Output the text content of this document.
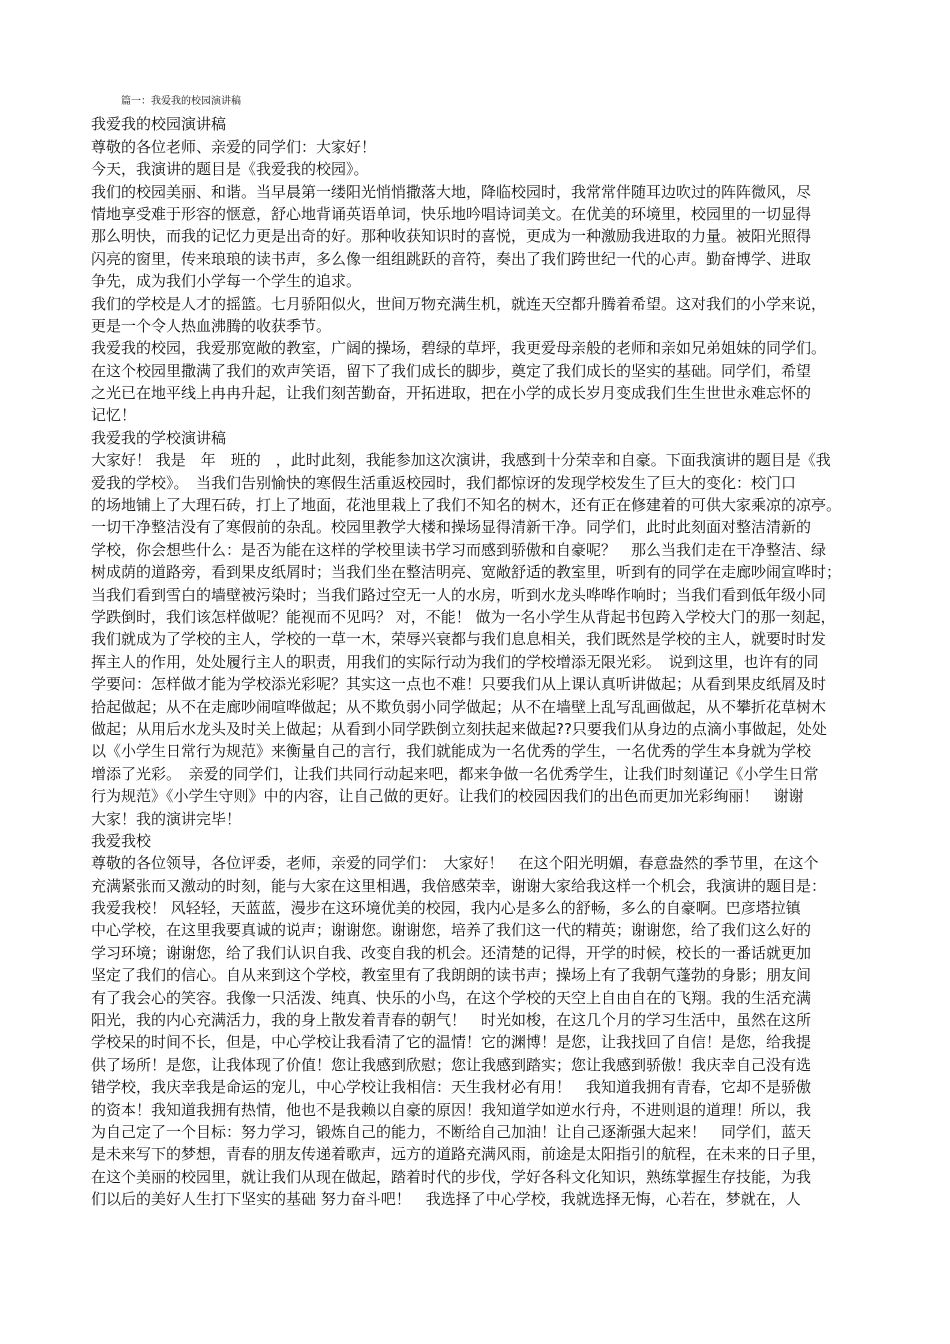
篇一：我爱我的校园演讲稿
我爱我的校园演讲稿
尊敬的各位老师、亲爱的同学们：大家好！
今天，我演讲的题目是《我爱我的校园》。
我们的校园美丽、和谐。当早晨第一缕阳光悄悄撒落大地，降临校园时，我常常伴随耳边吹过的阵阵微风，尽
情地享受难于形容的惬意，舒心地背诵英语单词，快乐地吟唱诗词美文。在优美的环境里，校园里的一切显得
那么明快，而我的记忆力更是出奇的好。那种收获知识时的喜悦，更成为一种激励我进取的力量。被阳光照得
闪亮的窗里，传来琅琅的读书声，多么像一组组跳跃的音符，奏出了我们跨世纪一代的心声。勤奋博学、进取
争先，成为我们小学每一个学生的追求。
我们的学校是人才的摇篮。七月骄阳似火，世间万物充满生机，就连天空都升腾着希望。这对我们的小学来说，
更是一个令人热血沸腾的收获季节。
我爱我的校园，我爱那宽敞的教室，广阔的操场，碧绿的草坪，我更爱母亲般的老师和亲如兄弟姐妹的同学们。
在这个校园里撒满了我们的欢声笑语，留下了我们成长的脚步，奠定了我们成长的坚实的基础。同学们，希望
之光已在地平线上冉冉升起，让我们刻苦勤奋，开拓进取，把在小学的成长岁月变成我们生生世世永难忘怀的
记忆！
我爱我的学校演讲稿
大家好！ 我是　年　班的　，此时此刻，我能参加这次演讲，我感到十分荣幸和自豪。下面我演讲的题目是《我
爱我的学校》。　当我们告别愉快的寒假生活重返校园时，我们都惊讶的发现学校发生了巨大的变化：校门口
的场地铺上了大理石砖，打上了地面，花池里栽上了我们不知名的树木，还有正在修建着的可供大家乘凉的凉亭。
一切干净整洁没有了寒假前的杂乱。校园里教学大楼和操场显得清新干净。同学们，此时此刻面对整洁清新的
学校，你会想些什么：是否为能在这样的学校里读书学习而感到骄傲和自豪呢？　那么当我们走在干净整洁、绿
树成荫的道路旁，看到果皮纸屑时；当我们坐在整洁明亮、宽敞舒适的教室里，听到有的同学在走廊吵闹宣哗时；
当我们看到雪白的墙壁被污染时；当我们路过空无一人的水房，听到水龙头哗哗作响时；当我们看到低年级小同
学跌倒时，我们该怎样做呢？能视而不见吗？ 对，不能！ 做为一名小学生从背起书包跨入学校大门的那一刻起，
我们就成为了学校的主人，学校的一草一木，荣辱兴衰都与我们息息相关，我们既然是学校的主人，就要时时发
挥主人的作用，处处履行主人的职责，用我们的实际行动为我们的学校增添无限光彩。　说到这里，也许有的同
学要问：怎样做才能为学校添光彩呢？其实这一点也不难！只要我们从上课认真听讲做起；从看到果皮纸屑及时
拾起做起；从不在走廊吵闹喧哗做起；从不欺负弱小同学做起；从不在墙壁上乱写乱画做起，从不攀折花草树木
做起；从用后水龙头及时关上做起；从看到小同学跌倒立刻扶起来做起??只要我们从身边的点滴小事做起，处处
以《小学生日常行为规范》来衡量自己的言行，我们就能成为一名优秀的学生，一名优秀的学生本身就为学校
增添了光彩。　亲爱的同学们，让我们共同行动起来吧，都来争做一名优秀学生，让我们时刻谨记《小学生日常
行为规范》《小学生守则》中的内容，让自己做的更好。让我们的校园因我们的出色而更加光彩绚丽！　谢谢
大家！我的演讲完毕！
我爱我校
尊敬的各位领导，各位评委，老师，亲爱的同学们：　大家好！　在这个阳光明媚，春意盎然的季节里，在这个
充满紧张而又激动的时刻，能与大家在这里相遇，我倍感荣幸，谢谢大家给我这样一个机会，我演讲的题目是：
我爱我校！ 风轻轻，天蓝蓝，漫步在这环境优美的校园，我内心是多么的舒畅，多么的自豪啊。巴彦塔拉镇
中心学校，在这里我要真诚的说声；谢谢您。谢谢您，培养了我们这一代的精英；谢谢您，给了我们这么好的
学习环境；谢谢您，给了我们认识自我、改变自我的机会。还清楚的记得，开学的时候，校长的一番话就更加
坚定了我们的信心。自从来到这个学校，教室里有了我朗朗的读书声；操场上有了我朝气蓬勃的身影；朋友间
有了我会心的笑容。我像一只活泼、纯真、快乐的小鸟，在这个学校的天空上自由自在的飞翔。我的生活充满
阳光，我的内心充满活力，我的身上散发着青春的朝气！　时光如梭，在这几个月的学习生活中，虽然在这所
学校呆的时间不长，但是，中心学校让我看清了它的温情！它的渊博！是您，让我找回了自信！是您，给我提
供了场所！是您，让我体现了价值！您让我感到欣慰；您让我感到踏实；您让我感到骄傲！我庆幸自己没有选
错学校，我庆幸我是命运的宠儿，中心学校让我相信：天生我材必有用！　我知道我拥有青春，它却不是骄傲
的资本！我知道我拥有热情，他也不是我赖以自豪的原因！我知道学如逆水行舟，不进则退的道理！所以，我
为自己定了一个目标：努力学习，锻炼自己的能力，不断给自己加油！让自己逐渐强大起来！　同学们，蓝天
是未来写下的梦想，青春的朋友传递着歌声，远方的道路充满风雨，前途是太阳指引的航程，在未来的日子里，
在这个美丽的校园里，就让我们从现在做起，踏着时代的步伐，学好各科文化知识，熟练掌握生存技能，为我
们以后的美好人生打下坚实的基础 努力奋斗吧！　我选择了中心学校，我就选择无悔，心若在，梦就在，人
